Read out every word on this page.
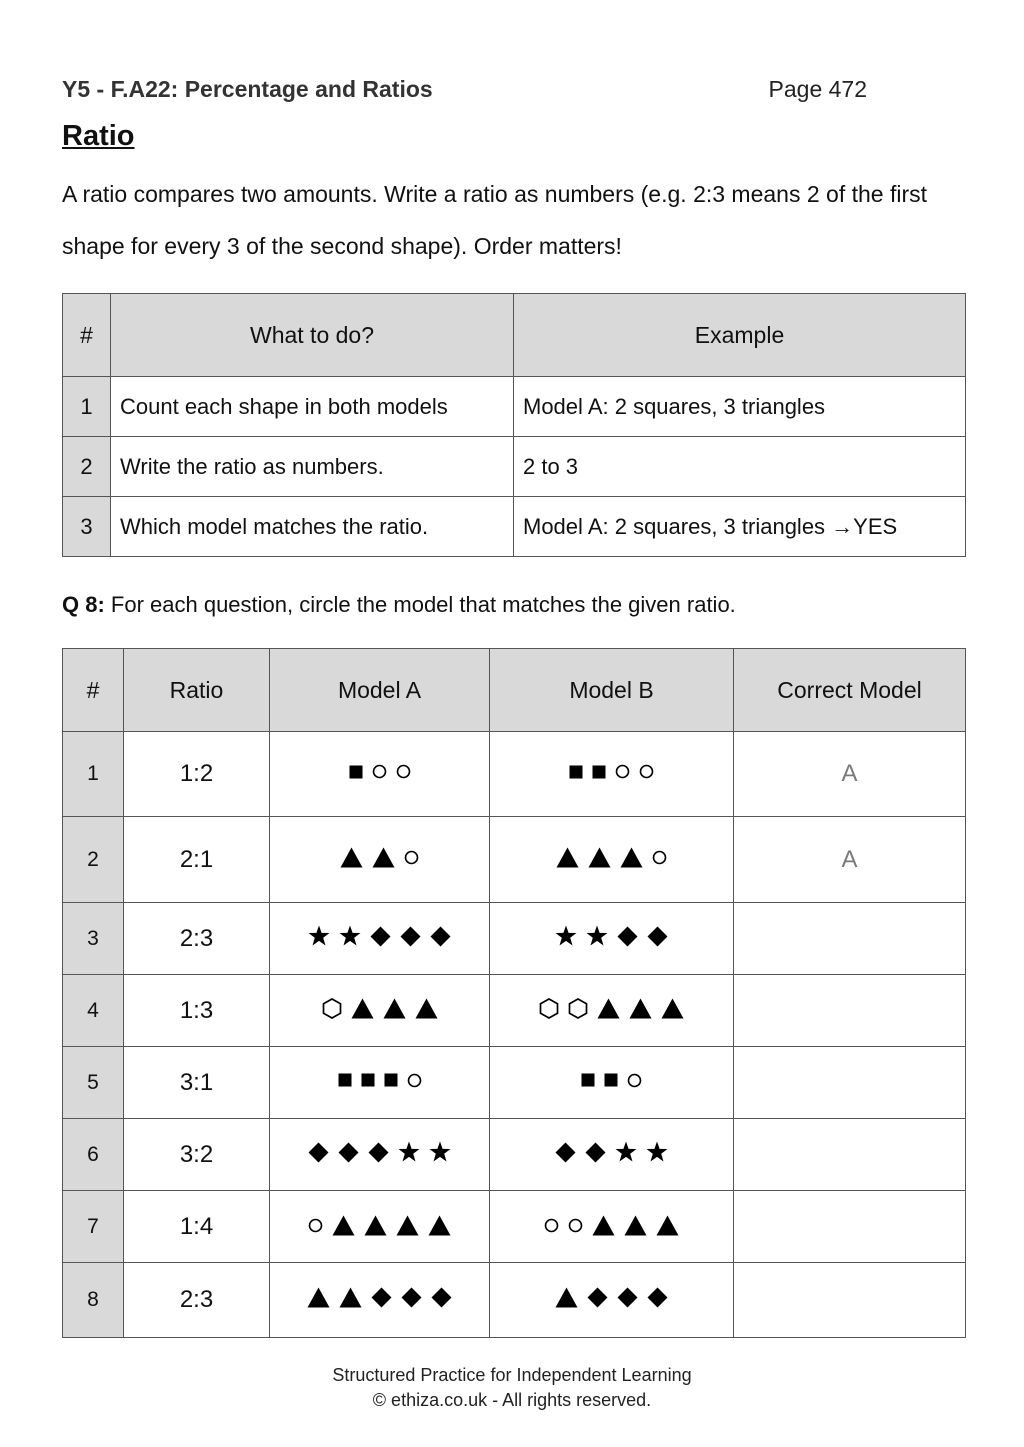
Y5 - F.A22: Percentage and Ratios	Page 472
Ratio
A ratio compares two amounts. Write a ratio as numbers (e.g. 2:3 means 2 of the first shape for every 3 of the second shape). Order matters!
#	What to do?	Example
1	Count each shape in both models	Model A: 2 squares, 3 triangles
2	Write the ratio as numbers.	2 to 3
3	Which model matches the ratio.	Model A: 2 squares, 3 triangles →YES
Q 8: For each question, circle the model that matches the given ratio.
#	Ratio	Model A	Model B	Correct Model
1	1:2			A
2	2:1			A
3	2:3	

4	1:3	

5	3:1	

6	3:2	

7	1:4	

8	2:3	

Structured Practice for Independent Learning
© ethiza.co.uk - All rights reserved.
